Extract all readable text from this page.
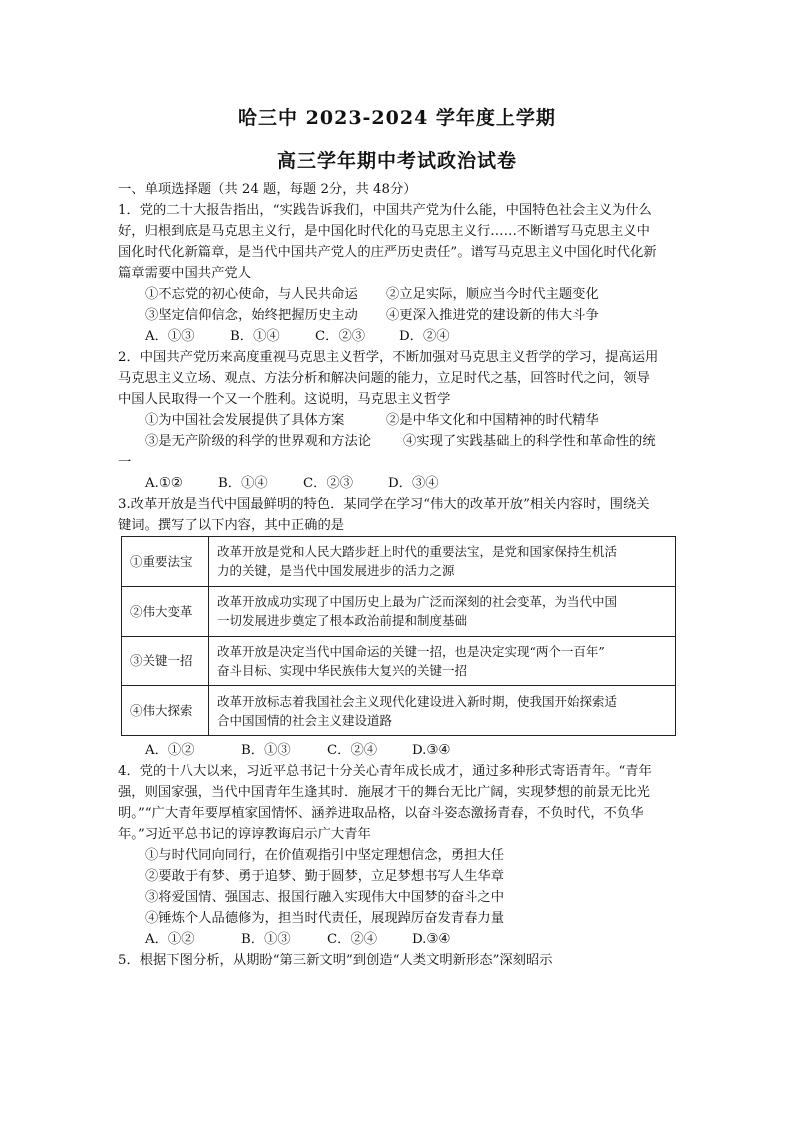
哈三中 2023-2024 学年度上学期
高三学年期中考试政治试卷
一、单项选择题（共 24 题，每题 2分，共 48分）
1．党的二十大报告指出，“实践告诉我们，中国共产党为什么能，中国特色社会主义为什么
好，归根到底是马克思主义行，是中国化时代化的马克思主义行……不断谱写马克思主义中
国化时代化新篇章，是当代中国共产党人的庄严历史责任”。谱写马克思主义中国化时代化新
篇章需要中国共产党人
①不忘党的初心使命，与人民共命运 ②立足实际，顺应当今时代主题变化
③坚定信仰信念，始终把握历史主动 ④更深入推进党的建设新的伟大斗争
A．①③	B．①④	C．②③	D．②④
2．中国共产党历来高度重视马克思主义哲学，不断加强对马克思主义哲学的学习，提高运用
马克思主义立场、观点、方法分析和解决问题的能力，立足时代之基，回答时代之问，领导
中国人民取得一个又一个胜利。这说明，马克思主义哲学
①为中国社会发展提供了具体方案	②是中华文化和中国精神的时代精华
③是无产阶级的科学的世界观和方法论 ④实现了实践基础上的科学性和革命性的统
一
A.①②	B．①④	C．②③	D．③④
3.改革开放是当代中国最鲜明的特色．某同学在学习“伟大的改革开放”相关内容时，围绕关
键词。撰写了以下内容，其中正确的是
①重要法宝	改革开放是党和人民大踏步赶上时代的重要法宝，是党和国家保持生机活
力的关键，是当代中国发展进步的活力之源

②伟大变革	改革开放成功实现了中国历史上最为广泛而深刻的社会变革，为当代中国
一切发展进步奠定了根本政治前提和制度基础

③关键一招	改革开放是决定当代中国命运的关键一招，也是决定实现“两个一百年”
奋斗目标、实现中华民族伟大复兴的关键一招

④伟大探索	改革开放标志着我国社会主义现代化建设进入新时期，使我国开始探索适
合中国国情的社会主义建设道路
A．①②	B．①③	C．②④	D.③④
4．党的十八大以来，习近平总书记十分关心青年成长成才，通过多种形式寄语青年。“青年
强，则国家强，当代中国青年生逢其时．施展才干的舞台无比广阔，实现梦想的前景无比光
明。”“广大青年要厚植家国情怀、涵养进取品格，以奋斗姿态激扬青春，不负时代，不负华
年。”习近平总书记的谆谆教诲启示广大青年
①与时代同向同行，在价值观指引中坚定理想信念，勇担大任
②要敢于有梦、勇于追梦、勤于圆梦，立足梦想书写人生华章
③将爱国情、强国志、报国行融入实现伟大中国梦的奋斗之中
④锤炼个人品德修为，担当时代责任，展现踔厉奋发青春力量
A．①②	B．①③	C．②④	D.③④
5．根据下图分析，从期盼“第三新文明”到创造“人类文明新形态”深刻昭示
